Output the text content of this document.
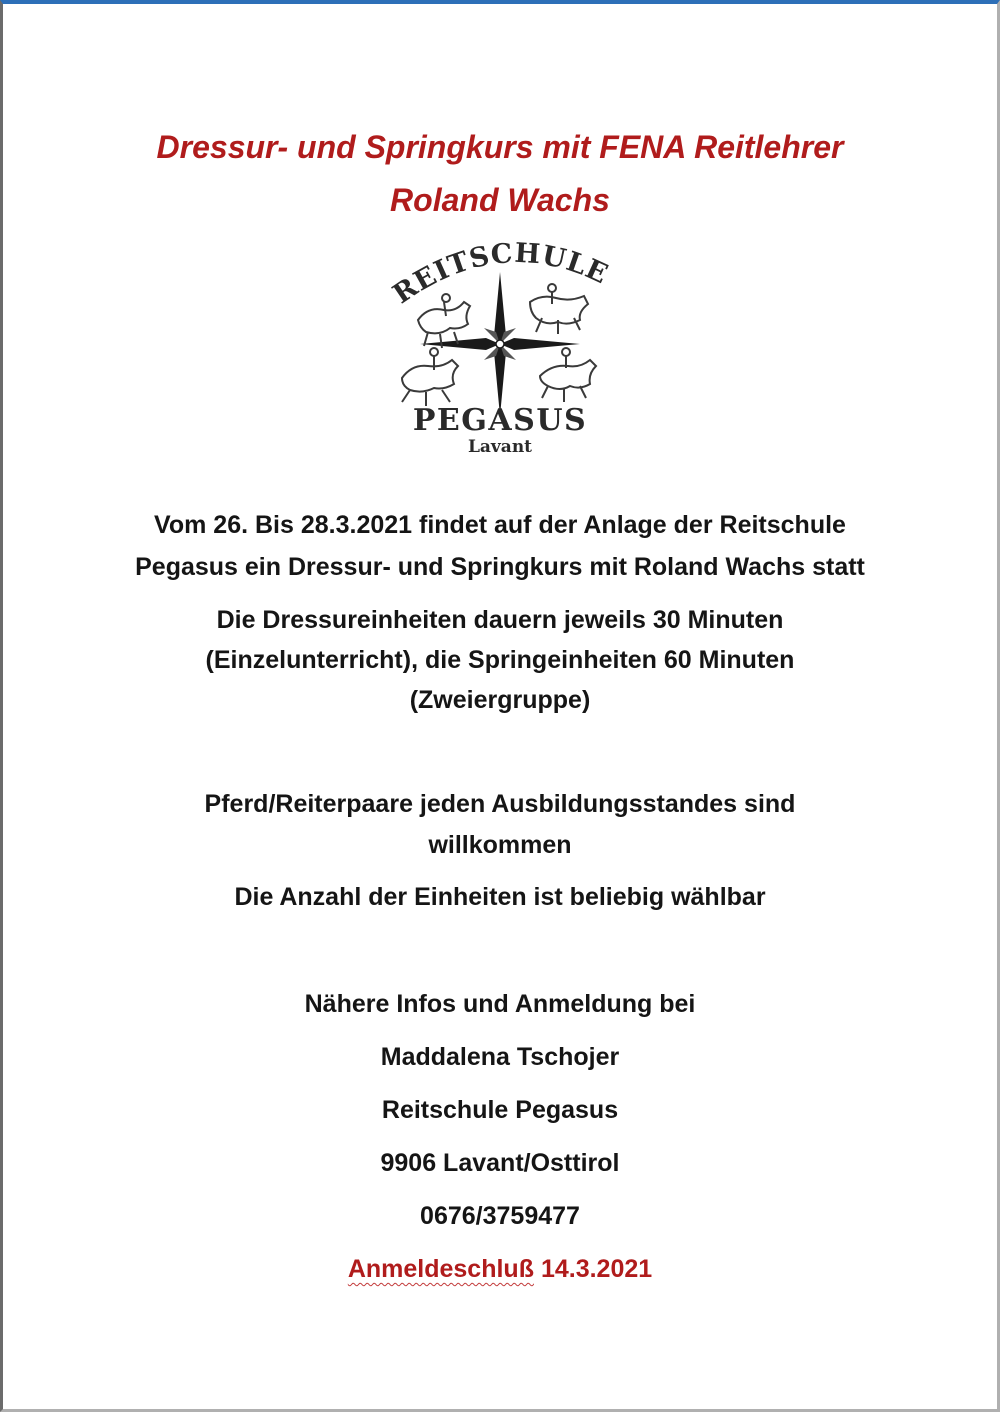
Dressur- und Springkurs mit FENA Reitlehrer
Roland Wachs
REITSCHULE
PEGASUS
Lavant
Vom 26. Bis 28.3.2021 findet auf der Anlage der Reitschule
Pegasus ein Dressur- und Springkurs mit Roland Wachs statt
Die Dressureinheiten dauern jeweils 30 Minuten
(Einzelunterricht), die Springeinheiten 60 Minuten
(Zweiergruppe)
Pferd/Reiterpaare jeden Ausbildungsstandes sind
willkommen
Die Anzahl der Einheiten ist beliebig wählbar
Nähere Infos und Anmeldung bei
Maddalena Tschojer
Reitschule Pegasus
9906 Lavant/Osttirol
0676/3759477
Anmeldeschluß 14.3.2021
